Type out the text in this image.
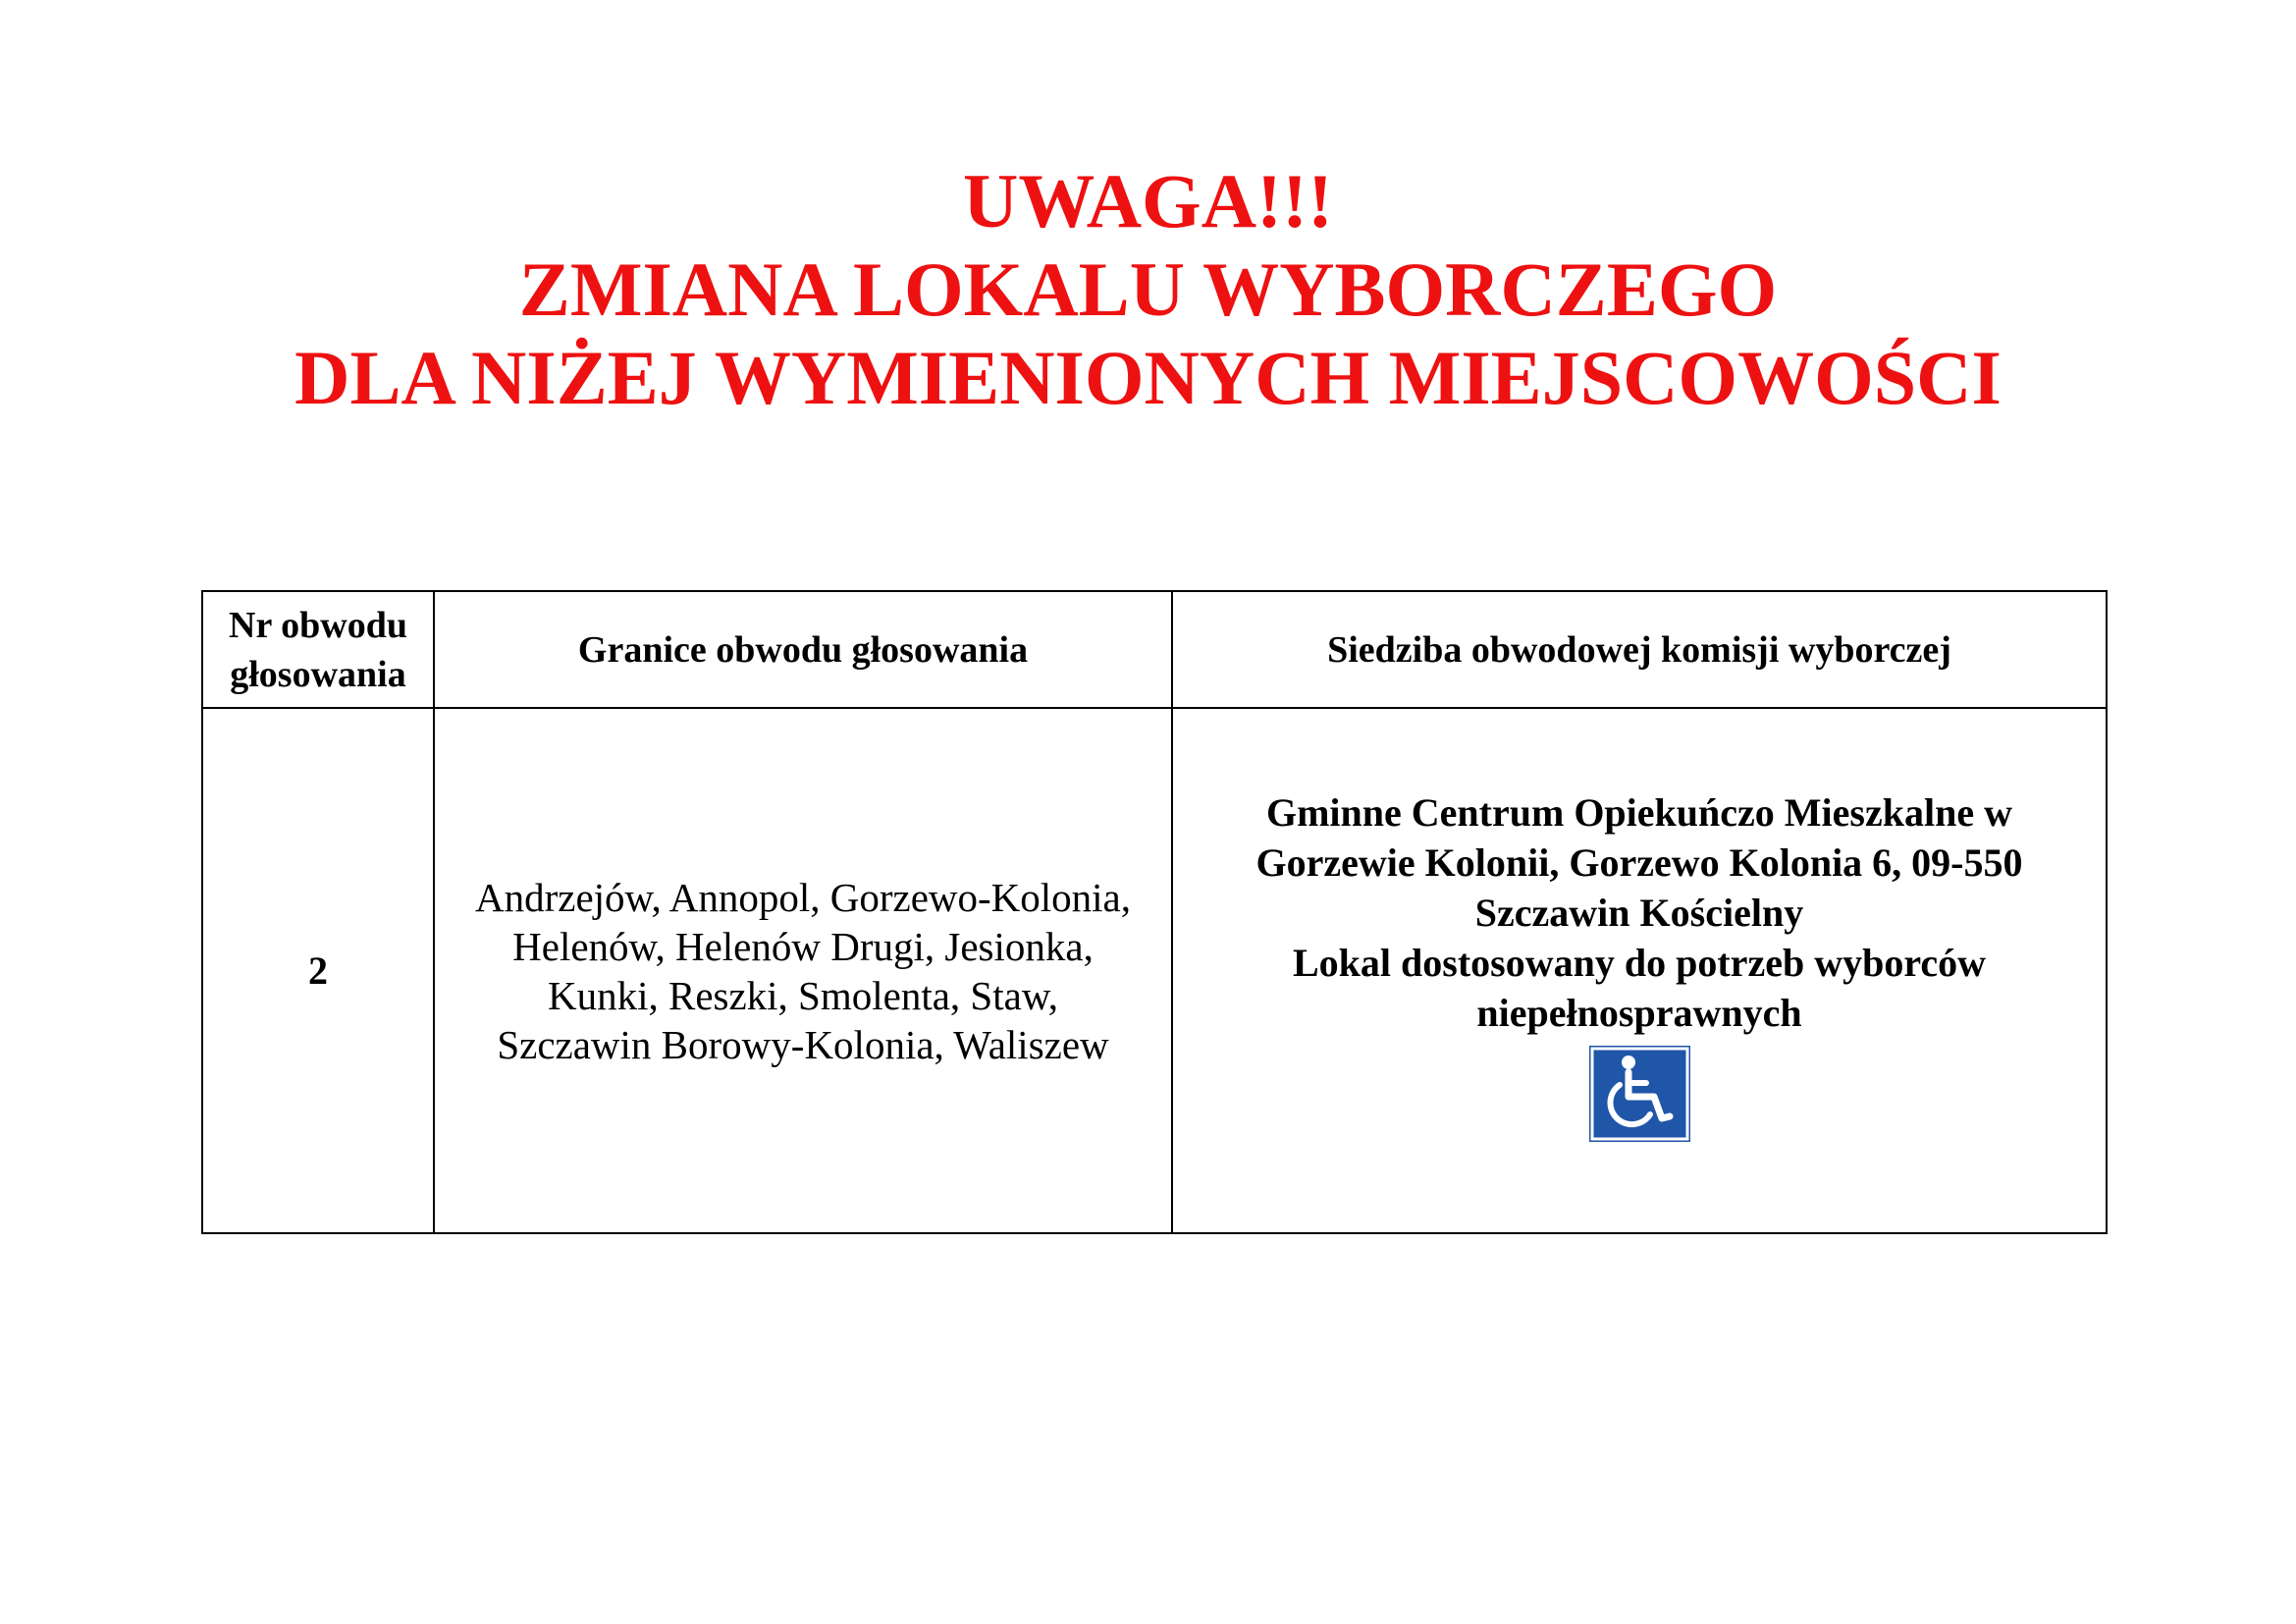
UWAGA!!!
ZMIANA LOKALU WYBORCZEGO
DLA NIŻEJ WYMIENIONYCH MIEJSCOWOŚCI
Nr obwodu
głosowania	Granice obwodu głosowania	Siedziba obwodowej komisji wyborczej
2	Andrzejów, Annopol, Gorzewo-Kolonia,
Helenów, Helenów Drugi, Jesionka,
Kunki, Reszki, Smolenta, Staw,
Szczawin Borowy-Kolonia, Waliszew	Gminne Centrum Opiekuńczo Mieszkalne w
Gorzewie Kolonii, Gorzewo Kolonia 6, 09-550
Szczawin Kościelny
Lokal dostosowany do potrzeb wyborców
niepełnosprawnych
